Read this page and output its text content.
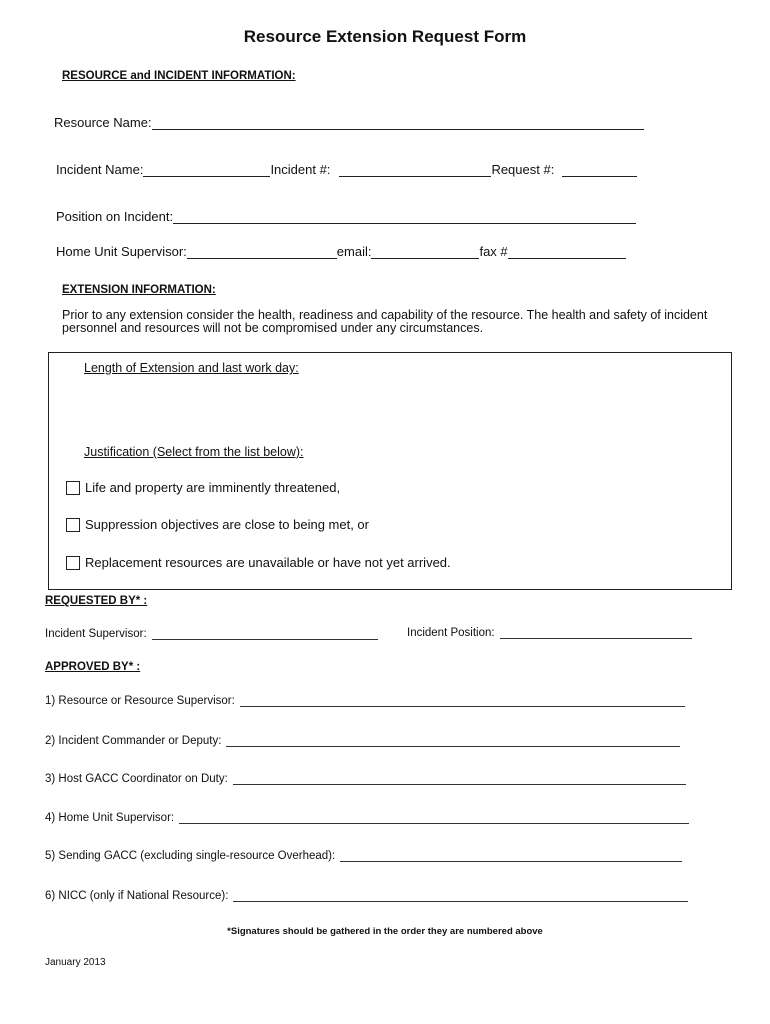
Resource Extension Request Form
RESOURCE and INCIDENT INFORMATION:
Resource Name:
Incident Name:	Incident #:	Request #:
Position on Incident:
Home Unit Supervisor:	email:	fax #
EXTENSION INFORMATION:
Prior to any extension consider the health, readiness and capability of the resource. The health and safety of incident personnel and resources will not be compromised under any circumstances.
Length of Extension and last work day:
Justification (Select from the list below):
Life and property are imminently threatened,
Suppression objectives are close to being met, or
Replacement resources are unavailable or have not yet arrived.
REQUESTED BY* :
Incident Supervisor:	Incident Position:
APPROVED BY* :
1) Resource or Resource Supervisor:
2) Incident Commander or Deputy:
3) Host GACC Coordinator on Duty:
4) Home Unit Supervisor:
5) Sending GACC (excluding single-resource Overhead):
6) NICC (only if National Resource):
*Signatures should be gathered in the order they are numbered above
January 2013
